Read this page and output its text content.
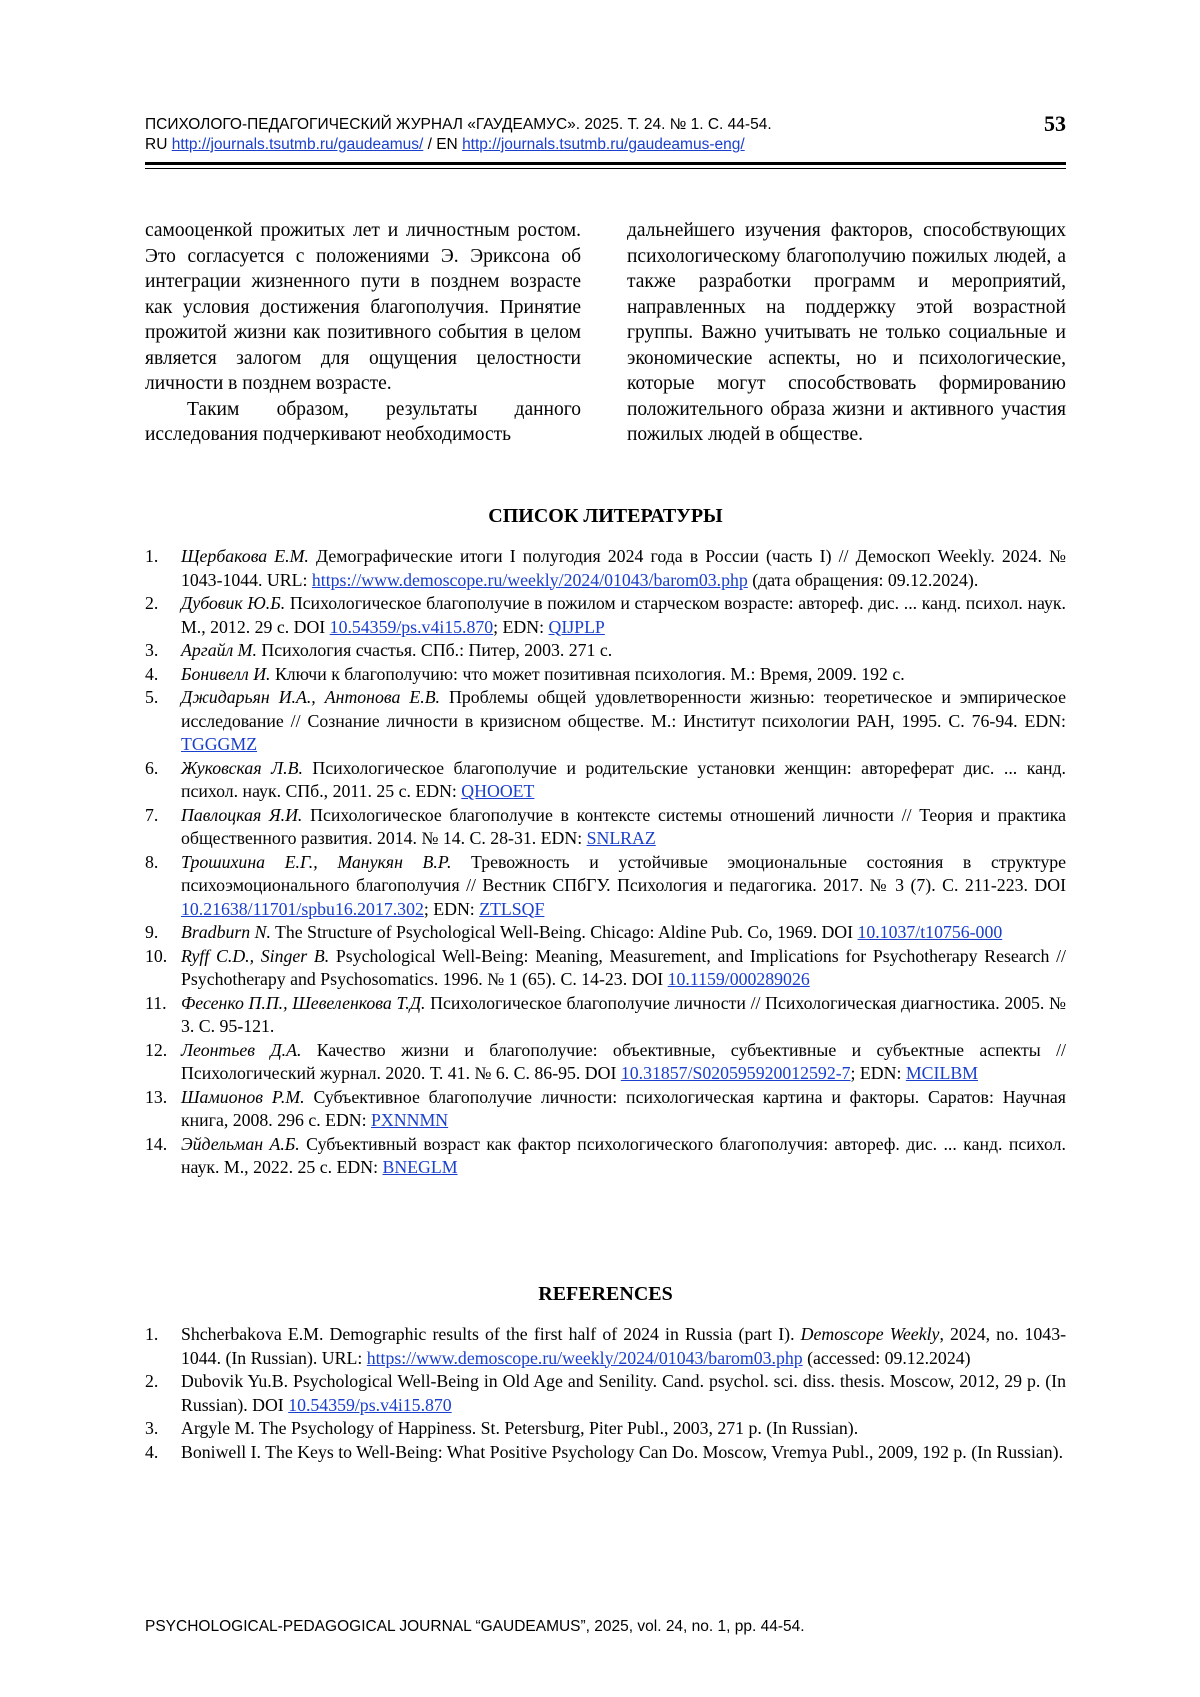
ПСИХОЛОГО-ПЕДАГОГИЧЕСКИЙ ЖУРНАЛ «ГАУДЕАМУС». 2025. Т. 24. № 1. С. 44-54.
RU http://journals.tsutmb.ru/gaudeamus/ / EN http://journals.tsutmb.ru/gaudeamus-eng/
53

самооценкой прожитых лет и личностным ростом. Это согласуется с положениями Э. Эриксона об интеграции жизненного пути в позднем возрасте как условия достижения благополучия. Принятие прожитой жизни как позитивного события в целом является залогом для ощущения целостности личности в позднем возрасте.

Таким образом, результаты данного исследования подчеркивают необходимость

дальнейшего изучения факторов, способствующих психологическому благополучию пожилых людей, а также разработки программ и мероприятий, направленных на поддержку этой возрастной группы. Важно учитывать не только социальные и экономические аспекты, но и психологические, которые могут способствовать формированию положительного образа жизни и активного участия пожилых людей в обществе.

СПИСОК ЛИТЕРАТУРЫ
1. Щербакова Е.М. Демографические итоги I полугодия 2024 года в России (часть I) // Демоскоп Weekly. 2024. № 1043-1044. URL: https://www.demoscope.ru/weekly/2024/01043/barom03.php (дата обращения: 09.12.2024).
2. Дубовик Ю.Б. Психологическое благополучие в пожилом и старческом возрасте: автореф. дис. ... канд. психол. наук. М., 2012. 29 с. DOI 10.54359/ps.v4i15.870; EDN: QIJPLP
3. Аргайл М. Психология счастья. СПб.: Питер, 2003. 271 с.
4. Бонивелл И. Ключи к благополучию: что может позитивная психология. М.: Время, 2009. 192 с.
5. Джидарьян И.А., Антонова Е.В. Проблемы общей удовлетворенности жизнью: теоретическое и эмпирическое исследование // Сознание личности в кризисном обществе. М.: Институт психологии РАН, 1995. С. 76-94. EDN: TGGGMZ
6. Жуковская Л.В. Психологическое благополучие и родительские установки женщин: автореферат дис. ... канд. психол. наук. СПб., 2011. 25 с. EDN: QHOOET
7. Павлоцкая Я.И. Психологическое благополучие в контексте системы отношений личности // Теория и практика общественного развития. 2014. № 14. С. 28-31. EDN: SNLRAZ
8. Трошихина Е.Г., Манукян В.Р. Тревожность и устойчивые эмоциональные состояния в структуре психоэмоционального благополучия // Вестник СПбГУ. Психология и педагогика. 2017. № 3 (7). С. 211-223. DOI 10.21638/11701/spbu16.2017.302; EDN: ZTLSQF
9. Bradburn N. The Structure of Psychological Well-Being. Chicago: Aldine Pub. Co, 1969. DOI 10.1037/t10756-000
10. Ryff C.D., Singer B. Psychological Well-Being: Meaning, Measurement, and Implications for Psychotherapy Research // Psychotherapy and Psychosomatics. 1996. № 1 (65). С. 14-23. DOI 10.1159/000289026
11. Фесенко П.П., Шевеленкова Т.Д. Психологическое благополучие личности // Психологическая диагностика. 2005. № 3. С. 95-121.
12. Леонтьев Д.А. Качество жизни и благополучие: объективные, субъективные и субъектные аспекты // Психологический журнал. 2020. Т. 41. № 6. С. 86-95. DOI 10.31857/S020595920012592-7; EDN: MCILBM
13. Шамионов Р.М. Субъективное благополучие личности: психологическая картина и факторы. Саратов: Научная книга, 2008. 296 с. EDN: PXNNMN
14. Эйдельман А.Б. Субъективный возраст как фактор психологического благополучия: автореф. дис. ... канд. психол. наук. М., 2022. 25 с. EDN: BNEGLM
REFERENCES
1. Shcherbakova E.M. Demographic results of the first half of 2024 in Russia (part I). Demoscope Weekly, 2024, no. 1043-1044. (In Russian). URL: https://www.demoscope.ru/weekly/2024/01043/barom03.php (accessed: 09.12.2024)
2. Dubovik Yu.B. Psychological Well-Being in Old Age and Senility. Cand. psychol. sci. diss. thesis. Moscow, 2012, 29 p. (In Russian). DOI 10.54359/ps.v4i15.870
3. Argyle M. The Psychology of Happiness. St. Petersburg, Piter Publ., 2003, 271 p. (In Russian).
4. Boniwell I. The Keys to Well-Being: What Positive Psychology Can Do. Moscow, Vremya Publ., 2009, 192 p. (In Russian).
PSYCHOLOGICAL-PEDAGOGICAL JOURNAL “GAUDEAMUS”, 2025, vol. 24, no. 1, pp. 44-54.
